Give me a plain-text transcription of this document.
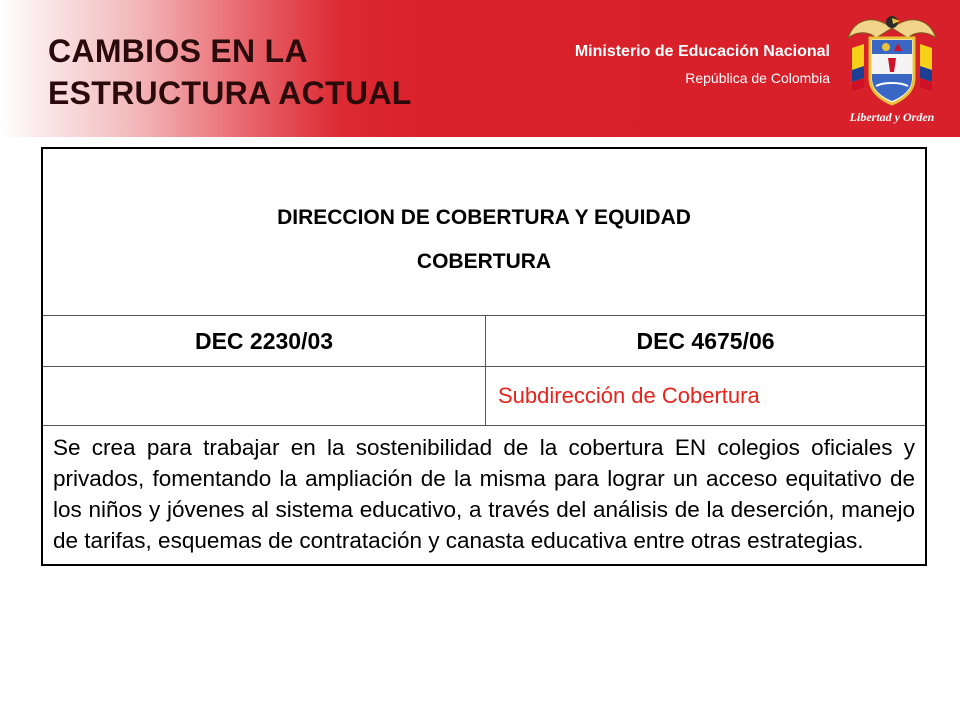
CAMBIOS EN LA
ESTRUCTURA ACTUAL
Ministerio de Educación Nacional
República de Colombia
Libertad y Orden
DIRECCION DE COBERTURA Y EQUIDAD
COBERTURA	

DEC 2230/03	DEC 4675/06
	Subdirección de Cobertura
Se crea para trabajar en la sostenibilidad de la cobertura EN colegios oficiales y privados, fomentando la ampliación de la misma para lograr un acceso equitativo de los niños y jóvenes al sistema educativo, a través del análisis de la deserción, manejo de tarifas, esquemas de contratación y canasta educativa entre otras estrategias.	
